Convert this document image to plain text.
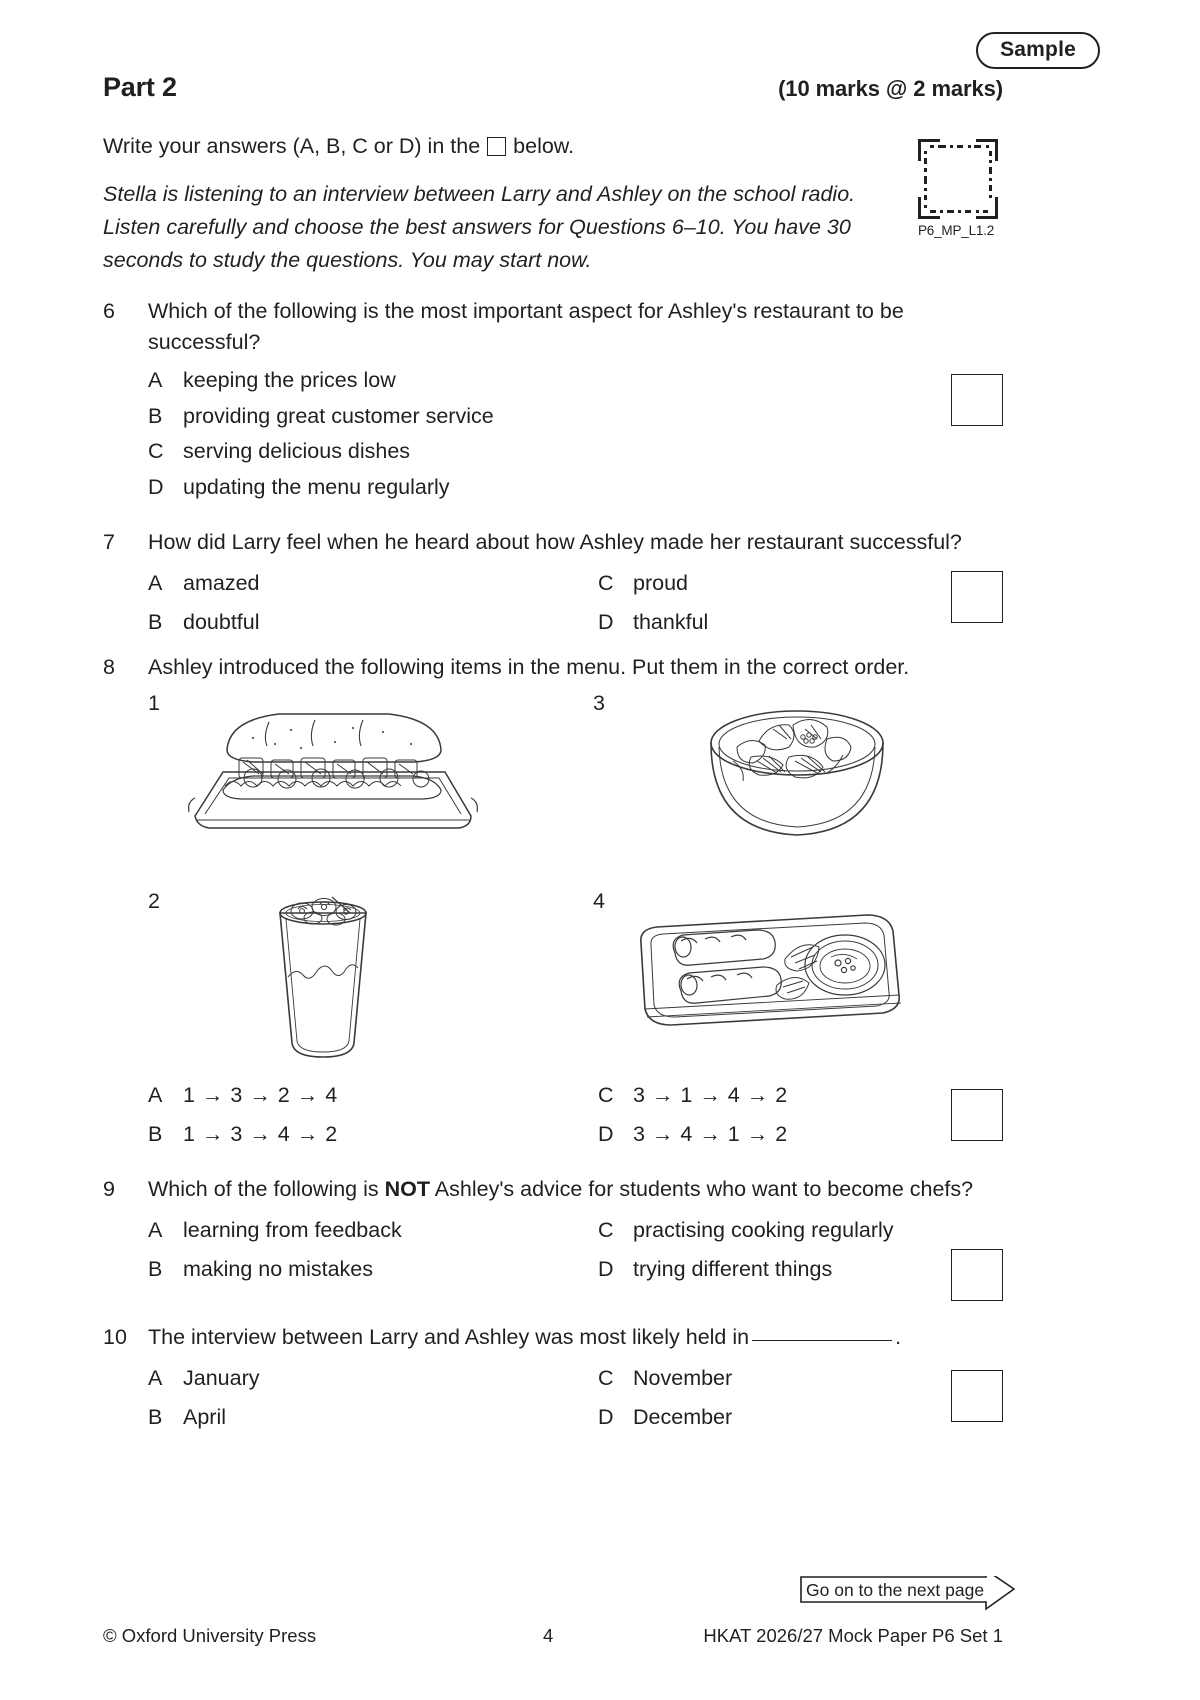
Sample
Part 2	(10 marks @ 2 marks)
Write your answers (A, B, C or D) in the below.
Stella is listening to an interview between Larry and Ashley on the school radio. Listen carefully and choose the best answers for Questions 6–10. You have 30 seconds to study the questions. You may start now.
P6_MP_L1.2
6	Which of the following is the most important aspect for Ashley's restaurant to be successful?
A keeping the prices low
B providing great customer service
C serving delicious dishes
D updating the menu regularly
7	How did Larry feel when he heard about how Ashley made her restaurant successful?
A amazed	C proud
B doubtful	D thankful
8	Ashley introduced the following items in the menu. Put them in the correct order.
1	3
2	4
A 1 → 3 → 2 → 4	C 3 → 1 → 4 → 2
B 1 → 3 → 4 → 2	D 3 → 4 → 1 → 2
9	Which of the following is NOT Ashley's advice for students who want to become chefs?
A learning from feedback	C practising cooking regularly
B making no mistakes	D trying different things
10 The interview between Larry and Ashley was most likely held in	.
A January	C November
B April	D December
Go on to the next page
© Oxford University Press	4	HKAT 2026/27 Mock Paper P6 Set 1
